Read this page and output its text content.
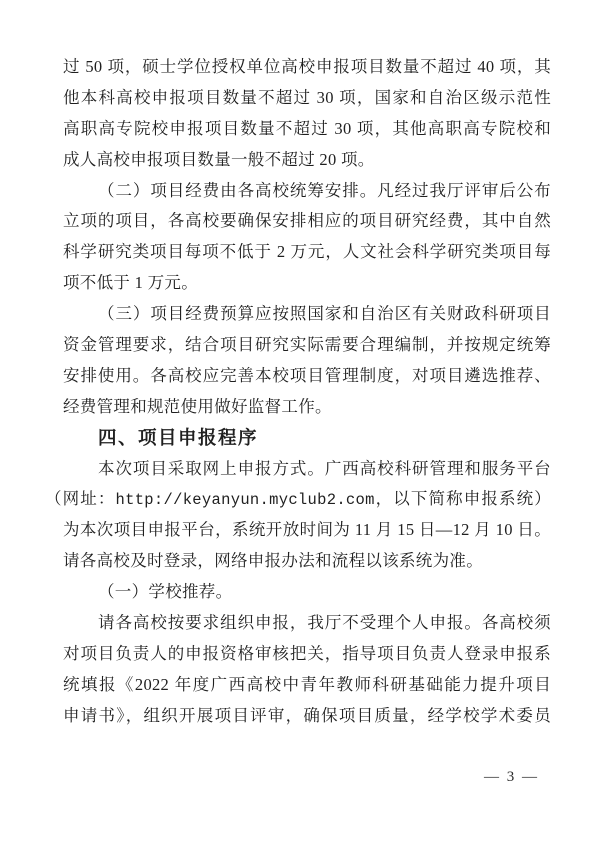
过 50 项，硕士学位授权单位高校申报项目数量不超过 40 项，其
他本科高校申报项目数量不超过 30 项，国家和自治区级示范性
高职高专院校申报项目数量不超过 30 项，其他高职高专院校和
成人高校申报项目数量一般不超过 20 项。
（二）项目经费由各高校统筹安排。凡经过我厅评审后公布
立项的项目，各高校要确保安排相应的项目研究经费，其中自然
科学研究类项目每项不低于 2 万元，人文社会科学研究类项目每
项不低于 1 万元。
（三）项目经费预算应按照国家和自治区有关财政科研项目
资金管理要求，结合项目研究实际需要合理编制，并按规定统筹
安排使用。各高校应完善本校项目管理制度，对项目遴选推荐、
经费管理和规范使用做好监督工作。
四、项目申报程序
本次项目采取网上申报方式。广西高校科研管理和服务平台
（网址：http://keyanyun.myclub2.com，以下简称申报系统）
为本次项目申报平台，系统开放时间为 11 月 15 日—12 月 10 日。
请各高校及时登录，网络申报办法和流程以该系统为准。
（一）学校推荐。
请各高校按要求组织申报，我厅不受理个人申报。各高校须
对项目负责人的申报资格审核把关，指导项目负责人登录申报系
统填报《2022 年度广西高校中青年教师科研基础能力提升项目
申请书》，组织开展项目评审，确保项目质量，经学校学术委员
— 3 —
